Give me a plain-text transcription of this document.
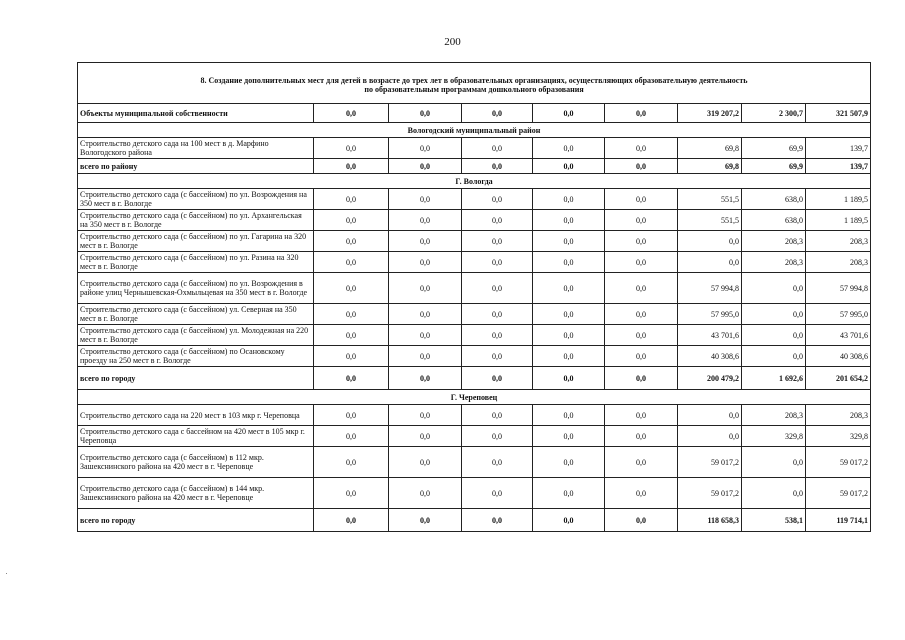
200
8. Создание дополнительных мест для детей в возрасте до трех лет в образовательных организациях, осуществляющих образовательную деятельность
по образовательным программам дошкольного образования								

Объекты муниципальной собственности	0,0	0,0	0,0	0,0	0,0	319 207,2	2 300,7	321 507,9
Вологодский муниципальный район								
Строительство детского сада на 100 мест в д. Марфино Вологодского района	0,0	0,0	0,0	0,0	0,0	69,8	69,9	139,7
всего по району	0,0	0,0	0,0	0,0	0,0	69,8	69,9	139,7
Г. Вологда								
Строительство детского сада (с бассейном) по ул. Возрождения на 350 мест в г. Вологде	0,0	0,0	0,0	0,0	0,0	551,5	638,0	1 189,5
Строительство детского сада (с бассейном) по ул. Архангельская на 350 мест в г. Вологде	0,0	0,0	0,0	0,0	0,0	551,5	638,0	1 189,5
Строительство детского сада (с бассейном) по ул. Гагарина на 320 мест в г. Вологде	0,0	0,0	0,0	0,0	0,0	0,0	208,3	208,3
Строительство детского сада (с бассейном) по ул. Разина на 320 мест в г. Вологде	0,0	0,0	0,0	0,0	0,0	0,0	208,3	208,3
Строительство детского сада (с бассейном) по ул. Возрождения в районе улиц Чернышевская-Охмыльцевая на 350 мест в г. Вологде	0,0	0,0	0,0	0,0	0,0	57 994,8	0,0	57 994,8
Строительство детского сада (с бассейном) ул. Северная на 350 мест в г. Вологде	0,0	0,0	0,0	0,0	0,0	57 995,0	0,0	57 995,0
Строительство детского сада (с бассейном) ул. Молодежная на 220 мест в г. Вологде	0,0	0,0	0,0	0,0	0,0	43 701,6	0,0	43 701,6
Строительство детского сада (с бассейном) по Осановскому проезду на 250 мест в г. Вологде	0,0	0,0	0,0	0,0	0,0	40 308,6	0,0	40 308,6
всего по городу	0,0	0,0	0,0	0,0	0,0	200 479,2	1 692,6	201 654,2
Г. Череповец								
Строительство детского сада на 220 мест в 103 мкр г. Череповца	0,0	0,0	0,0	0,0	0,0	0,0	208,3	208,3
Строительство детского сада с бассейном на 420 мест в 105 мкр г. Череповца	0,0	0,0	0,0	0,0	0,0	0,0	329,8	329,8
Строительство детского сада (с бассейном) в 112 мкр. Зашекснинского района на 420 мест в г. Череповце	0,0	0,0	0,0	0,0	0,0	59 017,2	0,0	59 017,2
Строительство детского сада (с бассейном) в 144 мкр. Зашекснинского района на 420 мест в г. Череповце	0,0	0,0	0,0	0,0	0,0	59 017,2	0,0	59 017,2
всего по городу	0,0	0,0	0,0	0,0	0,0	118 658,3	538,1	119 714,1
